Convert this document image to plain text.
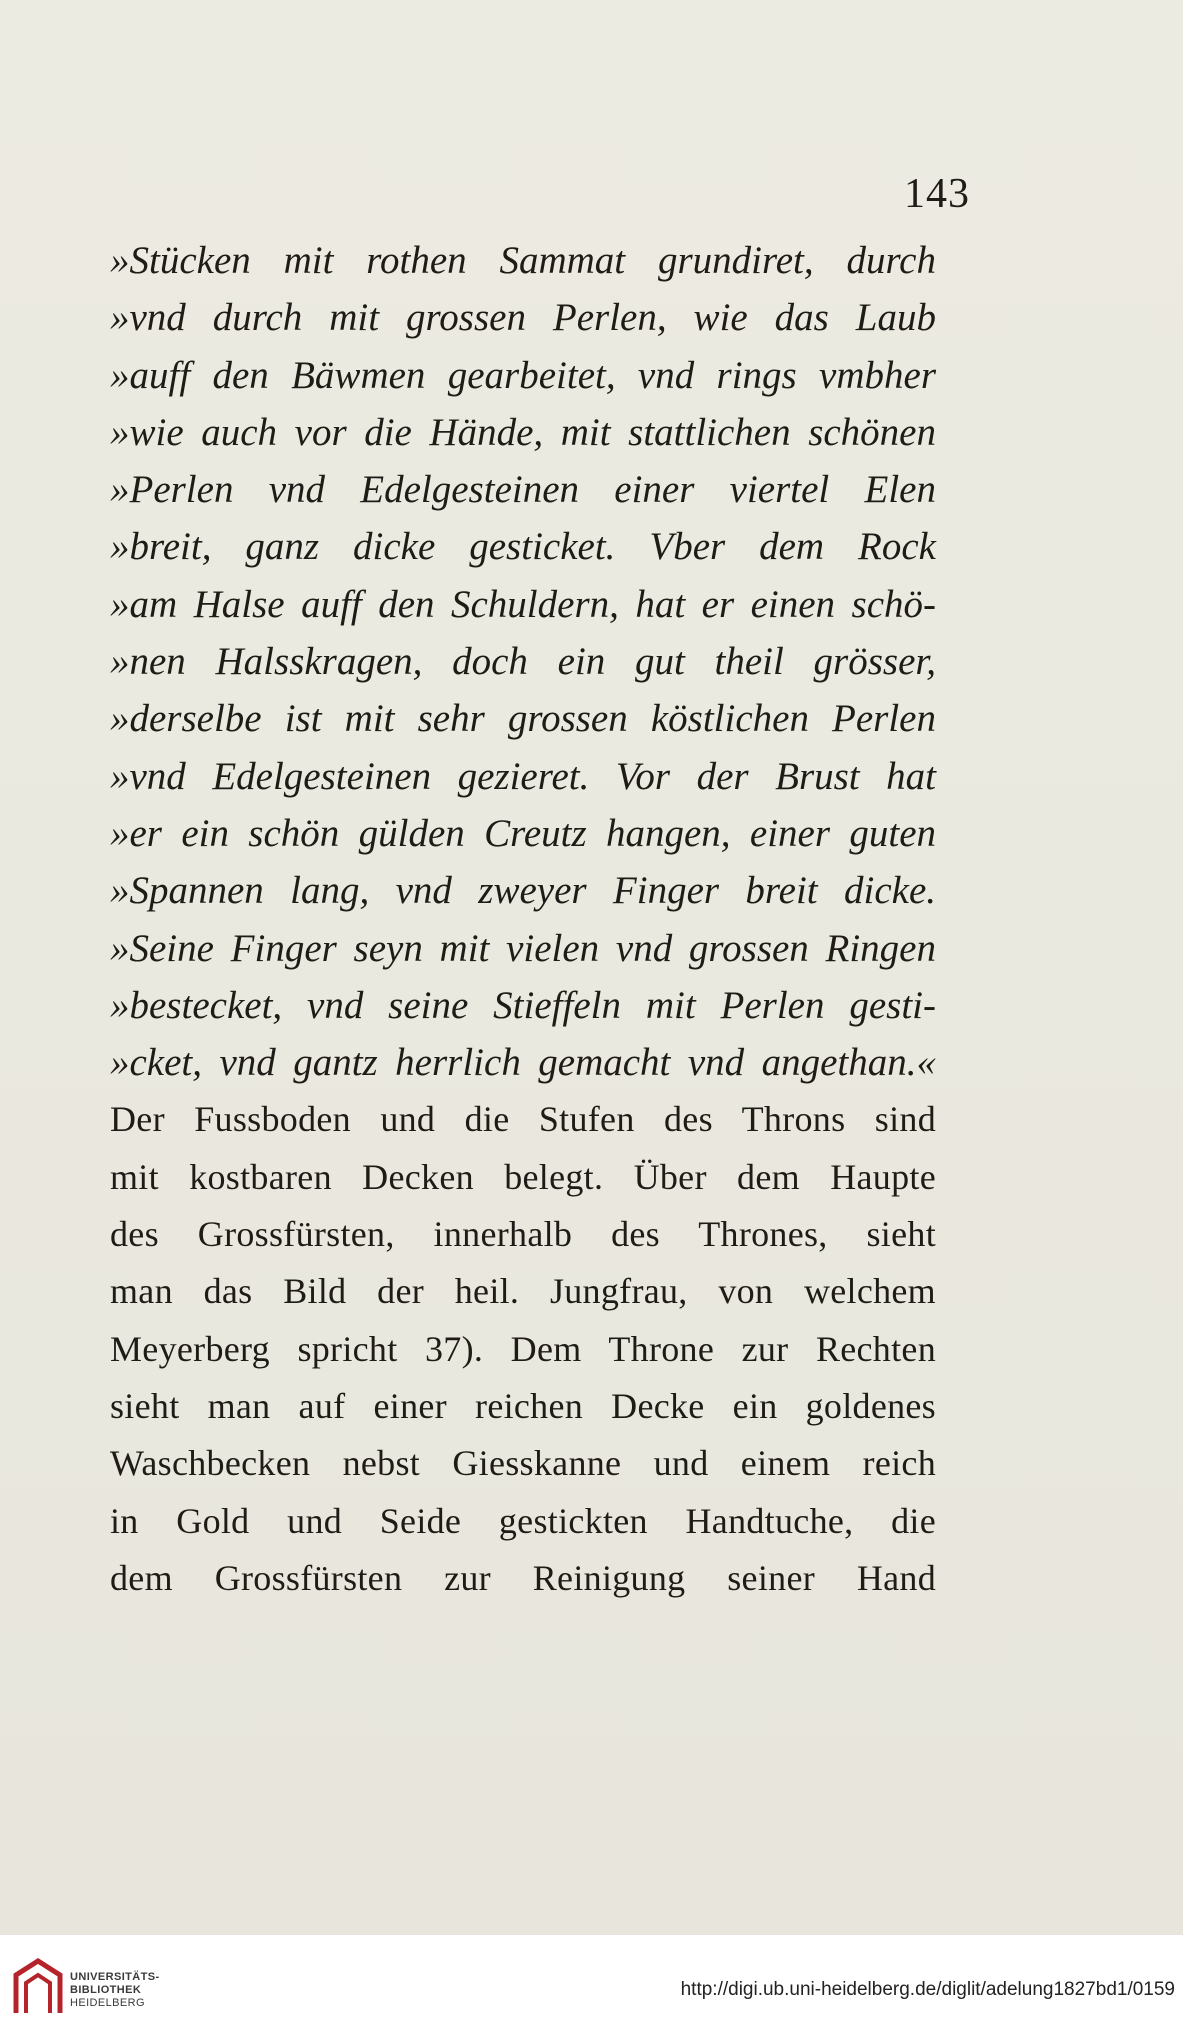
143
»Stücken mit rothen Sammat grundiret, durch
»vnd durch mit grossen Perlen, wie das Laub
»auff den Bäwmen gearbeitet, vnd rings vmbher
»wie auch vor die Hände, mit stattlichen schönen
»Perlen vnd Edelgesteinen einer viertel Elen
»breit, ganz dicke gesticket. Vber dem Rock
»am Halse auff den Schuldern, hat er einen schö-
»nen Halsskragen, doch ein gut theil grösser,
»derselbe ist mit sehr grossen köstlichen Perlen
»vnd Edelgesteinen gezieret. Vor der Brust hat
»er ein schön gülden Creutz hangen, einer guten
»Spannen lang, vnd zweyer Finger breit dicke.
»Seine Finger seyn mit vielen vnd grossen Ringen
»bestecket, vnd seine Stieffeln mit Perlen gesti-
»cket, vnd gantz herrlich gemacht vnd angethan.«
Der Fussboden und die Stufen des Throns sind
mit kostbaren Decken belegt. Über dem Haupte
des Grossfürsten, innerhalb des Thrones, sieht
man das Bild der heil. Jungfrau, von welchem
Meyerberg spricht 37). Dem Throne zur Rechten
sieht man auf einer reichen Decke ein goldenes
Waschbecken nebst Giesskanne und einem reich
in Gold und Seide gestickten Handtuche, die
dem Grossfürsten zur Reinigung seiner Hand
UNIVERSITÄTS-
BIBLIOTHEK
HEIDELBERG
http://digi.ub.uni-heidelberg.de/diglit/adelung1827bd1/0159
